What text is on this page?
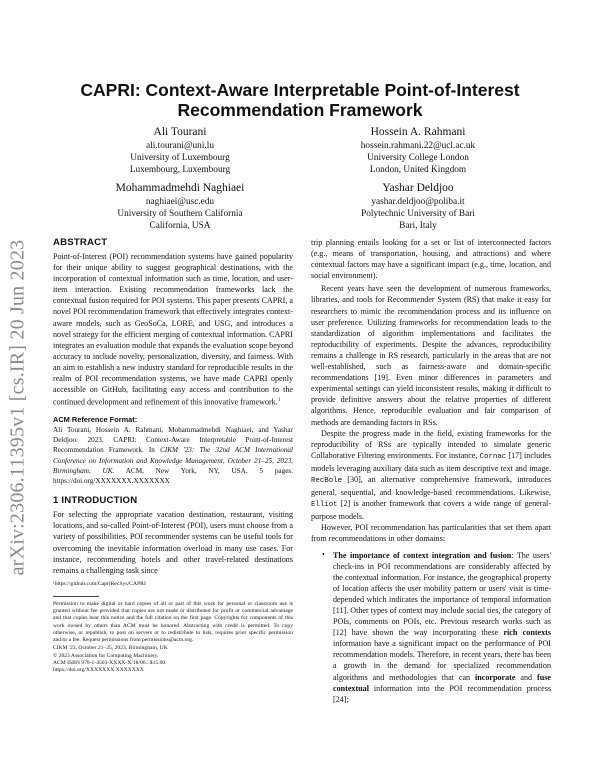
arXiv:2306.11395v1 [cs.IR] 20 Jun 2023
CAPRI: Context-Aware Interpretable Point-of-Interest Recommendation Framework
Ali Tourani
ali.tourani@uni.lu
University of Luxembourg
Luxembourg, Luxembourg
Hossein A. Rahmani
hossein.rahmani.22@ucl.ac.uk
University College London
London, United Kingdom
Mohammadmehdi Naghiaei
naghiaei@usc.edu
University of Southern California
California, USA
Yashar Deldjoo
yashar.deldjoo@poliba.it
Polytechnic University of Bari
Bari, Italy
ABSTRACT

Point-of-Interest (POI) recommendation systems have gained popularity for their unique ability to suggest geographical destinations, with the incorporation of contextual information such as time, location, and user-item interaction. Existing recommendation frameworks lack the contextual fusion required for POI systems. This paper presents CAPRI, a novel POI recommendation framework that effectively integrates context-aware models, such as GeoSoCa, LORE, and USG, and introduces a novel strategy for the efficient merging of contextual information. CAPRI integrates an evaluation module that expands the evaluation scope beyond accuracy to include novelty, personalization, diversity, and fairness. With an aim to establish a new industry standard for reproducible results in the realm of POI recommendation systems, we have made CAPRI openly accessible on GitHub, facilitating easy access and contribution to the continued development and refinement of this innovative framework.$^1$

ACM Reference Format:

Ali Tourani, Hossein A. Rahmani, Mohammadmehdi Naghiaei, and Yashar Deldjoo. 2023. CAPRI: Context-Aware Interpretable Point-of-Interest Recommendation Framework. In CIKM '23: The 32nd ACM International Conference on Information and Knowledge Management, October 21–25, 2023, Birmingham, UK. ACM, New York, NY, USA, 5 pages. https://doi.org/XXXXXXX.XXXXXXX

1 INTRODUCTION

For selecting the appropriate vacation destination, restaurant, visiting locations, and so-called Point-of-Interest (POI), users must choose from a variety of possibilities. POI recommender systems can be useful tools for overcoming the inevitable information overload in many use cases. For instance, recommending hotels and other travel-related destinations remains a challenging task since

¹https://github.com/CapriRecSys/CAPRI

Permission to make digital or hard copies of all or part of this work for personal or classroom use is granted without fee provided that copies are not made or distributed for profit or commercial advantage and that copies bear this notice and the full citation on the first page. Copyrights for components of this work owned by others than ACM must be honored. Abstracting with credit is permitted. To copy otherwise, or republish, to post on servers or to redistribute to lists, requires prior specific permission and/or a fee. Request permissions from permissions@acm.org.

CIKM '23, October 21–25, 2023, Birmingham, UK

© 2023 Association for Computing Machinery.

ACM ISBN 978-1-4503-XXXX-X/18/06...$15.00

https://doi.org/XXXXXXX.XXXXXXX

trip planning entails looking for a set or list of interconnected factors (e.g., means of transportation, housing, and attractions) and where contextual factors may have a significant impact (e.g., time, location, and social environment).

Recent years have seen the development of numerous frameworks, libraries, and tools for Recommender System (RS) that make it easy for researchers to mimic the recommendation process and its influence on user preference. Utilizing frameworks for recommendation leads to the standardization of algorithm implementations and facilitates the reproducibility of experiments. Despite the advances, reproducibility remains a challenge in RS research, particularly in the areas that are not well-established, such as fairness-aware and domain-specific recommendations [19]. Even minor differences in parameters and experimental settings can yield inconsistent results, making it difficult to provide definitive answers about the relative properties of different algorithms. Hence, reproducible evaluation and fair comparison of methods are demanding factors in RSs.

Despite the progress made in the field, existing frameworks for the reproducibility of RSs are typically intended to simulate generic Collaborative Filtering environments. For instance, Cornac [17] includes models leveraging auxiliary data such as item descriptive text and image. RecBole [30], an alternative comprehensive framework, introduces general, sequential, and knowledge-based recommendations. Likewise, Elliot [2] is another framework that covers a wide range of general-purpose models.

However, POI recommendation has particularities that set them apart from recommendations in other domains:

• The importance of context integration and fusion: The users' check-ins in POI recommendations are considerably affected by the contextual information. For instance, the geographical property of location affects the user mobility pattern or users' visit is time-depended which indicates the importance of temporal information [11]. Other types of context may include social ties, the category of POIs, comments on POIs, etc. Previous research works such as [12] have shown the way incorporating these rich contexts information have a significant impact on the performance of POI recommendation models. Therefore, in recent years, there has been a growth in the demand for specialized recommendation algorithms and methodologies that can incorporate and fuse contextual information into the POI recommendation process [24];
